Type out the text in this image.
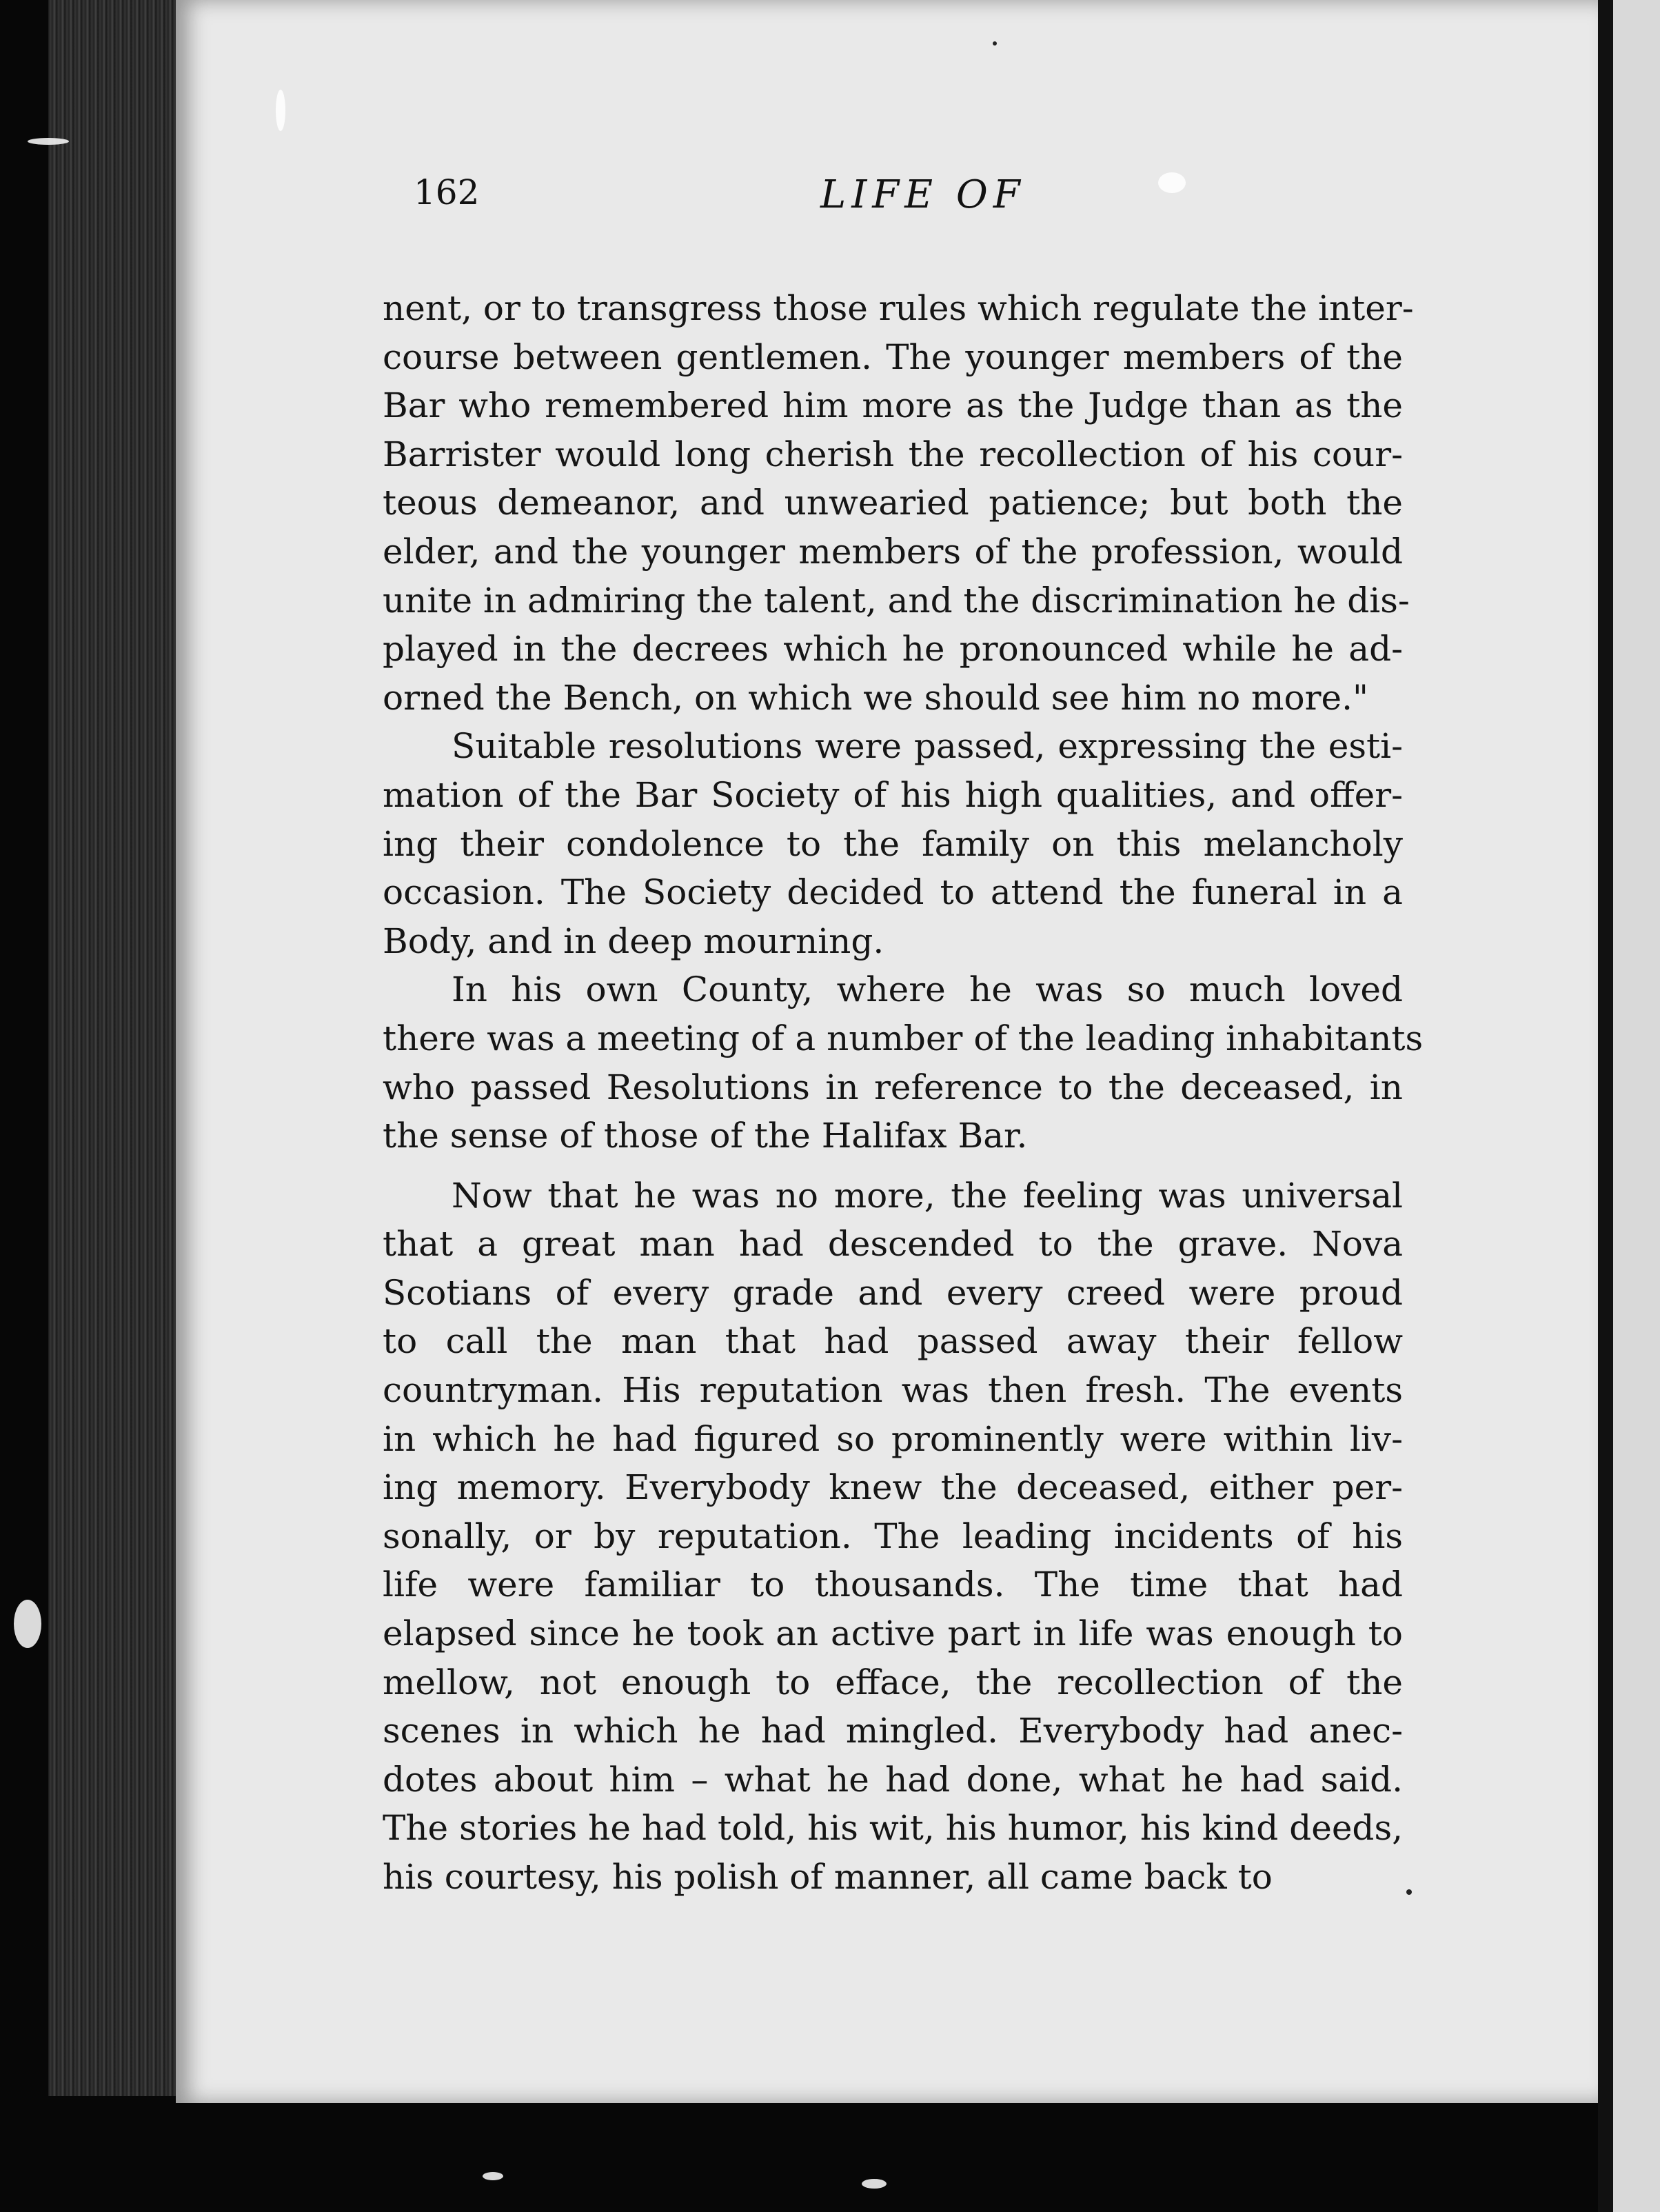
162	LIFE OF
nent, or to transgress those rules which regulate the inter-
course between gentlemen. The younger members of the
Bar who remembered him more as the Judge than as the
Barrister would long cherish the recollection of his cour-
teous demeanor, and unwearied patience; but both the
elder, and the younger members of the profession, would
unite in admiring the talent, and the discrimination he dis-
played in the decrees which he pronounced while he ad-
orned the Bench, on which we should see him no more."
Suitable resolutions were passed, expressing the esti-
mation of the Bar Society of his high qualities, and offer-
ing their condolence to the family on this melancholy
occasion. The Society decided to attend the funeral in a
Body, and in deep mourning.
In his own County, where he was so much loved
there was a meeting of a number of the leading inhabitants
who passed Resolutions in reference to the deceased, in
the sense of those of the Halifax Bar.
Now that he was no more, the feeling was universal
that a great man had descended to the grave. Nova
Scotians of every grade and every creed were proud
to call the man that had passed away their fellow
countryman. His reputation was then fresh. The events
in which he had figured so prominently were within liv-
ing memory. Everybody knew the deceased, either per-
sonally, or by reputation. The leading incidents of his
life were familiar to thousands. The time that had
elapsed since he took an active part in life was enough to
mellow, not enough to efface, the recollection of the
scenes in which he had mingled. Everybody had anec-
dotes about him – what he had done, what he had said.
The stories he had told, his wit, his humor, his kind deeds,
his courtesy, his polish of manner, all came back to
